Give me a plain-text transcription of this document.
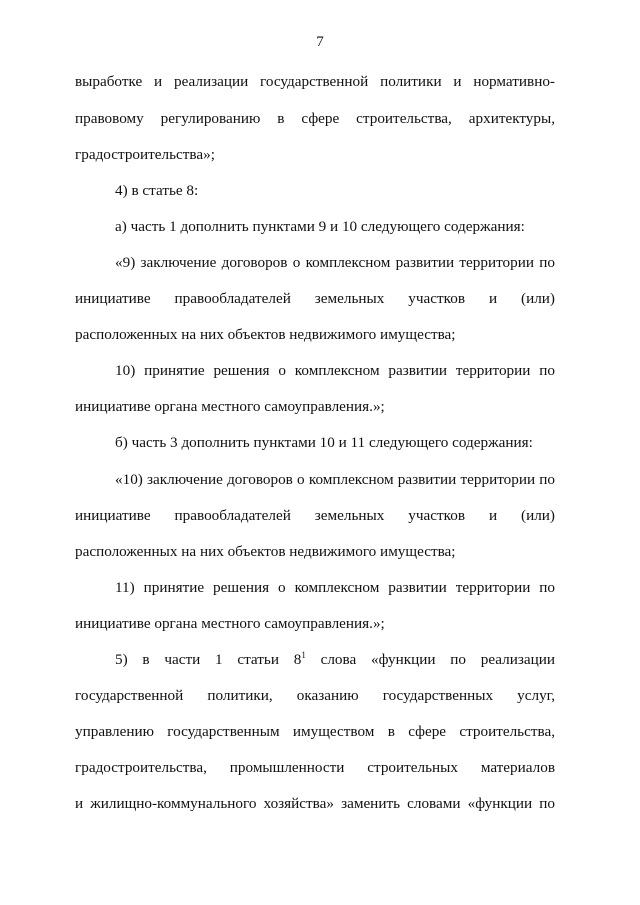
7
выработке и реализации государственной политики и нормативно-
правовому регулированию в сфере строительства, архитектуры,
градостроительства»;
4) в статье 8:
а) часть 1 дополнить пунктами 9 и 10 следующего содержания:
«9) заключение договоров о комплексном развитии территории по
инициативе правообладателей земельных участков и (или)
расположенных на них объектов недвижимого имущества;
10) принятие решения о комплексном развитии территории по
инициативе органа местного самоуправления.»;
б) часть 3 дополнить пунктами 10 и 11 следующего содержания:
«10) заключение договоров о комплексном развитии территории по
инициативе правообладателей земельных участков и (или)
расположенных на них объектов недвижимого имущества;
11) принятие решения о комплексном развитии территории по
инициативе органа местного самоуправления.»;
5) в части 1 статьи $8^1$ слова «функции по реализации
государственной политики, оказанию государственных услуг,
управлению государственным имуществом в сфере строительства,
градостроительства, промышленности строительных материалов
и жилищно-коммунального хозяйства» заменить словами «функции по
